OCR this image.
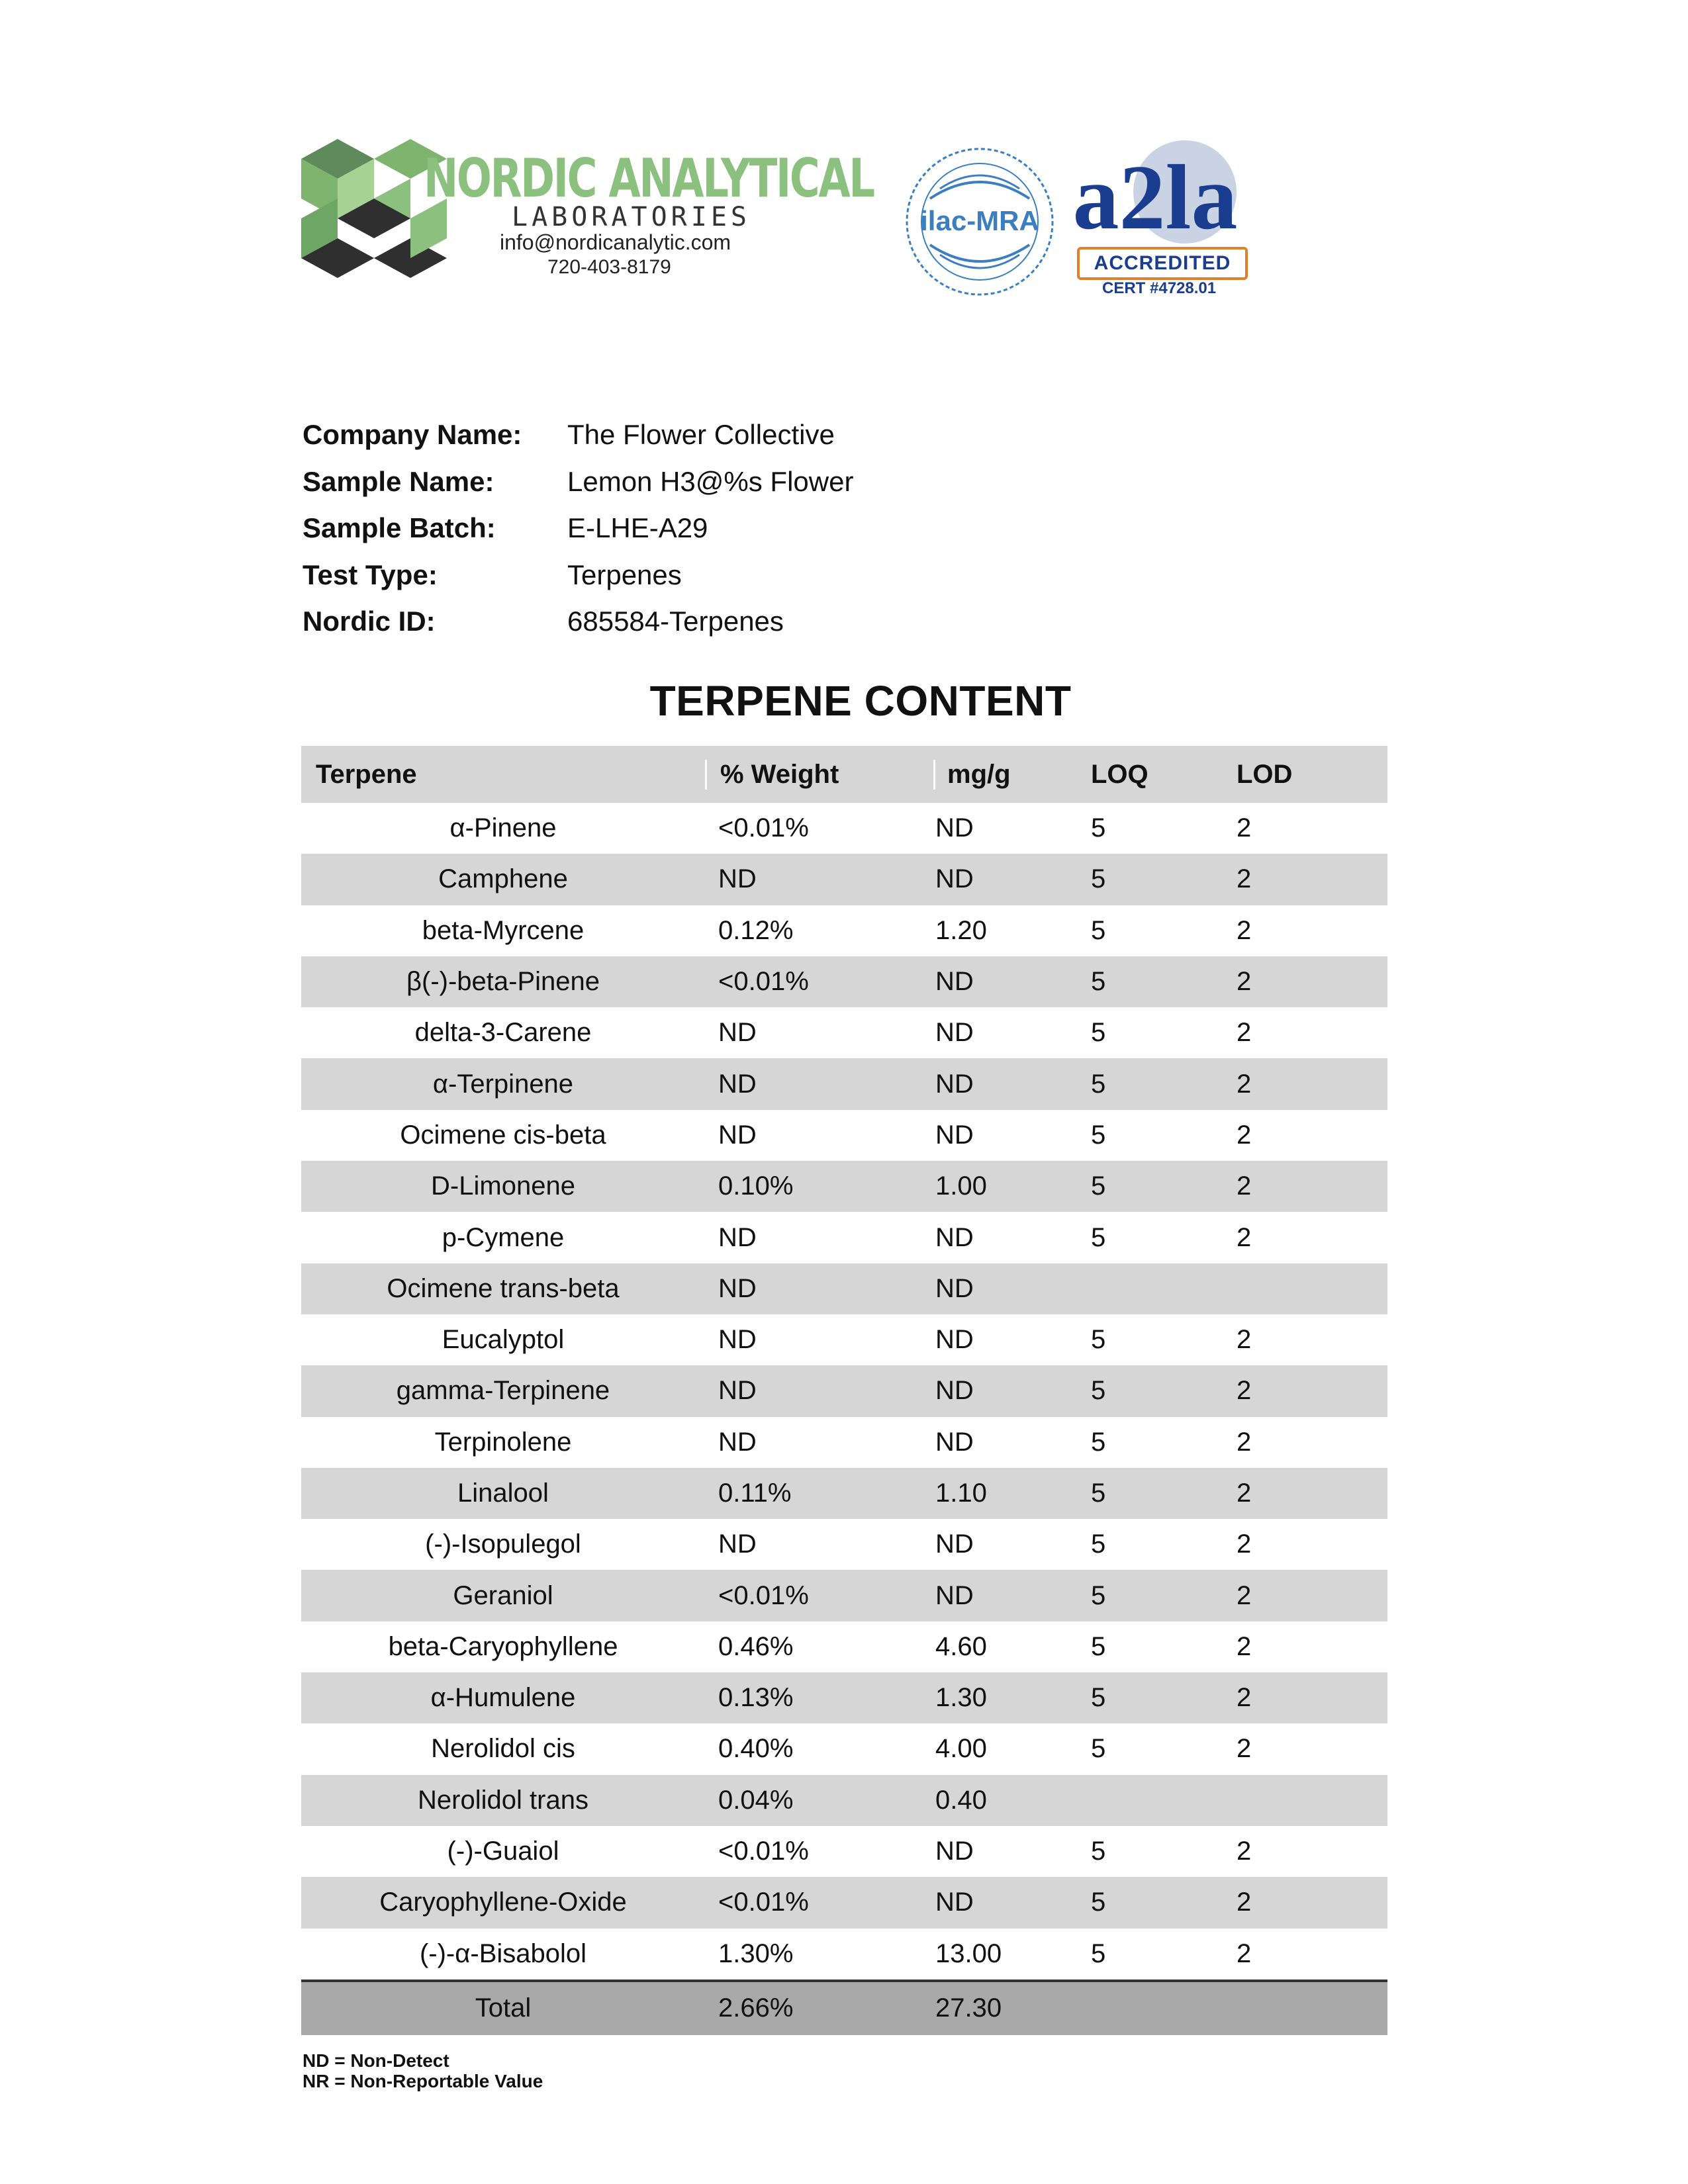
NORDIC ANALYTICAL
LABORATORIES
info@nordicanalytic.com
720-403-8179
ilac-MRA a2la
ACCREDITED
CERT #4728.01
Company Name:	The Flower Collective
Sample Name:	Lemon H3@%s Flower
Sample Batch:	E-LHE-A29
Test Type:	Terpenes
Nordic ID:	685584-Terpenes
TERPENE CONTENT
Terpene	% Weight	mg/g	LOQ	LOD
α-Pinene	<0.01%	ND	5	2
Camphene	ND	ND	5	2
beta-Myrcene	0.12%	1.20	5	2
β(-)-beta-Pinene	<0.01%	ND	5	2
delta-3-Carene	ND	ND	5	2
α-Terpinene	ND	ND	5	2
Ocimene cis-beta	ND	ND	5	2
D-Limonene	0.10%	1.00	5	2
p-Cymene	ND	ND	5	2
Ocimene trans-beta	ND	ND
Eucalyptol	ND	ND	5	2
gamma-Terpinene	ND	ND	5	2
Terpinolene	ND	ND	5	2
Linalool	0.11%	1.10	5	2
(-)-Isopulegol	ND	ND	5	2
Geraniol	<0.01%	ND	5	2
beta-Caryophyllene	0.46%	4.60	5	2
α-Humulene	0.13%	1.30	5	2
Nerolidol cis	0.40%	4.00	5	2
Nerolidol trans	0.04%	0.40
(-)-Guaiol	<0.01%	ND	5	2
Caryophyllene-Oxide	<0.01%	ND	5	2
(-)-α-Bisabolol	1.30%	13.00	5	2
Total	2.66%	27.30
ND = Non-Detect
NR = Non-Reportable Value
